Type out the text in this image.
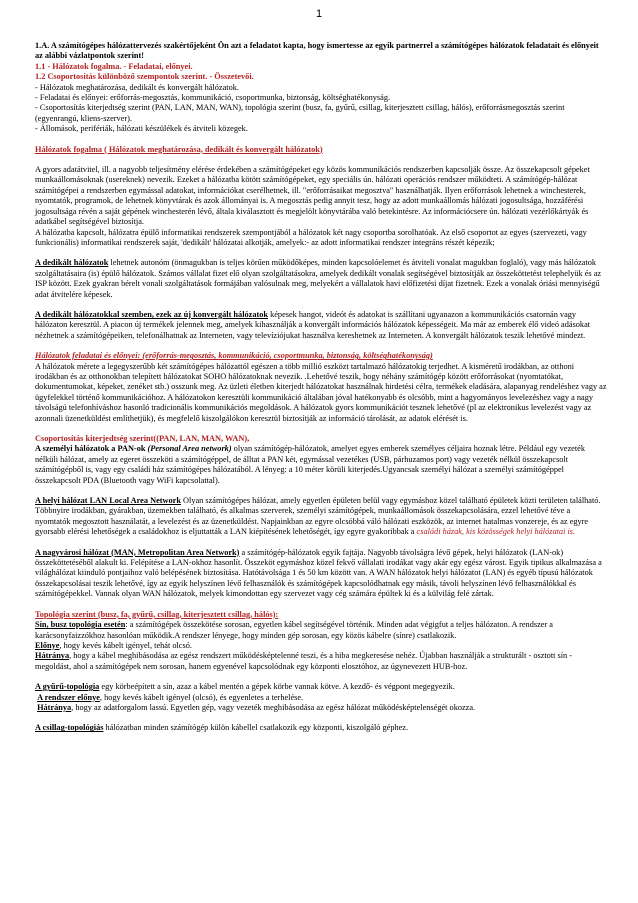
1

1.A. A számítógépes hálózattervezés szakértőjeként Ön azt a feladatot kapta, hogy ismertesse az egyik partnerrel a számítógépes hálózatok feladatait és előnyeit az alábbi vázlatpontok szerint!

1.1 - Hálózatok fogalma. - Feladatai, előnyei.

1.2 Csoportosítás különböző szempontok szerint. - Összetevői.

- Hálózatok meghatározása, dedikált és konvergált hálózatok.

- Feladatai és előnyei: erőforrás-megosztás, kommunikáció, csoportmunka, biztonság, költséghatékonyság.

- Csoportosítás kiterjedtség szerint (PAN, LAN, MAN, WAN), topológia szerint (busz, fa, gyűrű, csillag, kiterjesztett csillag, hálós), erőforrásmegosztás szerint (egyenrangú, kliens-szerver).

- Állomások, perifériák, hálózati készülékek és átviteli közegek.

Hálózatok fogalma ( Hálózatok meghatározása, dedikált és konvergált hálózatok)

A gyors adatátvitel, ill. a nagyobb teljesítmény elérése érdekében a számítógépeket egy közös kommunikációs rendszerben kapcsolják össze. Az összekapcsolt gépeket munkaállomásoknak (usereknek) nevezik. Ezeket a hálózatba kötött számítógépeket, egy speciális ún. hálózati operációs rendszer működteti. A számítógép-hálózat számítógépei a rendszerben egymással adatokat, információkat cserélhetnek, ill. "erőforrásaikat megosztva" használhatják. Ilyen erőforrások lehetnek a winchesterek, nyomtatók, programok, de lehetnek könyvtárak és azok állományai is. A megosztás pedig annyit tesz, hogy az adott munkaállomás hálózati jogosultsága, hozzáférési jogosultsága révén a saját gépének winchesterén lévő, általa kiválasztott és megjelölt könyvtárába való betekintésre. Az információcsere ún. hálózati vezérlőkártyák és adatkábel segítségével biztosítja.

A hálózatba kapcsolt, hálózatra épülő informatikai rendszerek szempontjából a hálózatok két nagy csoportba sorolhatóak. Az első csoportot az egyes (szervezeti, vagy funkcionális) informatikai rendszerek saját, 'dedikált' hálózatai alkotják, amelyek:- az adott informatikai rendszer integráns részét képezik;

A dedikált hálózatok lehetnek autonóm (önmagukban is teljes körűen működőképes, minden kapcsolóelemet és átviteli vonalat magukban foglaló), vagy más hálózatok szolgáltatásaira (is) épülő hálózatok. Számos vállalat fizet elő olyan szolgáltatásokra, amelyek dedikált vonalak segítségével biztosítják az összeköttetést telephelyük és az ISP között. Ezek gyakran bérelt vonali szolgáltatások formájában valósulnak meg, melyekért a vállalatok havi előfizetési díjat fizetnek. Ezek a vonalak óriási mennyiségű adat átvitelére képesek.

A dedikált hálózatokkal szemben, ezek az új konvergált hálózatok képesek hangot, videót és adatokat is szállítani ugyanazon a kommunikációs csatornán vagy hálózaton keresztül. A piacon új termékek jelennek meg, amelyek kihasználják a konvergált információs hálózatok képességeit. Ma már az emberek élő videó adásokat nézhetnek a számítógépeiken, telefonálhatnak az Interneten, vagy televíziójukat használva kereshetnek az Interneten. A konvergált hálózatok teszik lehetővé mindezt.

Hálózatok feladatai és előnyei: (erőforrás-megosztás, kommunikáció, csoportmunka, biztonság, költséghatékonyság)

A hálózatok mérete a legegyszerűbb két számítógépes hálózattól egészen a több millió eszközt tartalmazó hálózatokig terjedhet. A kisméretű irodákban, az otthoni irodákban és az otthonokban telepített hálózatokat SOHO hálózatoknak nevezik. .Lehetővé teszik, hogy néhány számítógép között erőforrásokat (nyomtatókat, dokumentumokat, képeket, zenéket stb.) osszunk meg. Az üzleti életben kiterjedt hálózatokat használnak hirdetési célra, termékek eladására, alapanyag rendeléshez vagy az ügyfelekkel történő kommunikációhoz. A hálózatokon keresztüli kommunikáció általában jóval hatékonyabb és olcsóbb, mint a hagyományos levelezéshez vagy a nagy távolságú telefonhíváshoz hasonló tradicionális kommunikációs megoldások. A hálózatok gyors kommunikációt tesznek lehetővé (pl az elektronikus levelezést vagy az azonnali üzenetküldést említhetjük), és megfelelő kiszolgálókon keresztül biztosítják az információ tárolását, az adatok elérését is.

Csoportosítás kiterjedtség szerint((PAN, LAN, MAN, WAN),

A személyi hálózatok a PAN-ok (Personal Area network) olyan számítógép-hálózatok, amelyet egyes emberek személyes céljaira hoznak létre. Például egy vezeték nélküli hálózat, amely az egeret összeköti a számítógéppel, de álltat a PAN két, egymással vezetékes (USB, párhuzamos port) vagy vezeték nélkül összekapcsolt számítógépből is, vagy egy családi ház számítógépes hálózatából. A lényeg: a 10 méter körüli kiterjedés.Ugyancsak személyi hálózat a személyi számítógéppel összekapcsolt PDA (Bluetooth vagy WiFi kapcsolattal).

A helyi hálózat LAN Local Area Network Olyan számítógépes hálózat, amely egyetlen épületen belül vagy egymáshoz közel található épületek közti területen található. Többnyire irodákban, gyárakban, üzemekben található, és alkalmas szerverek, személyi számítógépek, munkaállomások összekapcsolására, ezzel lehetővé téve a nyomtatók megosztott használatát, a levelezést és az üzenetküldést. Napjainkban az egyre olcsóbbá váló hálózati eszközök, az internet hatalmas vonzereje, és az egyre gyorsabb elérési lehetőségek a családokhoz is eljuttatták a LAN kiépítésének lehetőségét, így egyre gyakoribbak a családi házak, kis közösségek helyi hálózatai is.

A nagyvárosi hálózat (MAN, Metropolitan Area Network) a számítógép-hálózatok egyik fajtája. Nagyobb távolságra lévő gépek, helyi hálózatok (LAN-ok) összeköttetéséből alakult ki. Felépítése a LAN-okhoz hasonlít. Összeköt egymáshoz közel fekvő vállalati irodákat vagy akár egy egész várost. Egyik tipikus alkalmazása a világhálózat kiinduló pontjaihoz való belépésének biztosítása. Hatótávolsága 1 és 50 km között van. A WAN hálózatok helyi hálózatot (LAN) és egyéb típusú hálózatok összekapcsolásai teszik lehetővé, így az egyik helyszínen lévő felhasználók és számítógépek kapcsolódhatnak egy másik, távoli helyszínen lévő felhasználókkal és számítógépekkel. Vannak olyan WAN hálózatok, melyek kimondottan egy szervezet vagy cég számára épültek ki és a külvilág felé zártak.

Topológia szerint (busz, fa, gyűrű, csillag, kiterjesztett csillag, hálós):

Sín, busz topológia esetén: a számítógépek összekötése sorosan, egyetlen kábel segítségével történik. Minden adat végigfut a teljes hálózaton. A rendszer a karácsonyfaizzókhoz hasonlóan működik.A rendszer lényege, hogy minden gép sorosan, egy közös kábelre (sínre) csatlakozik.

Előnye, hogy kevés kábelt igényel, tehát olcsó.

Hátránya, hogy a kábel meghibásodása az egész rendszert működésképtelenné teszi, és a hiba megkeresése nehéz. Újabban használják a strukturált - osztott sín - megoldást, ahol a számítógépek nem sorosan, hanem egyenével kapcsolódnak egy központi elosztóhoz, az úgynevezett HUB-hoz.

A gyűrű-topológia egy körbeépített a sín, azaz a kábel mentén a gépek körbe vannak kötve. A kezdő- és végpont megegyezik.

A rendszer előnye, hogy kevés kábelt igényel (olcsó), és egyenletes a terhelése.

Hátránya, hogy az adatforgalom lassú. Egyetlen gép, vagy vezeték meghibásodása az egész hálózat működésképtelenségét okozza.

A csillag-topológiás hálózatban minden számítógép külön kábellel csatlakozik egy központi, kiszolgáló géphez.
